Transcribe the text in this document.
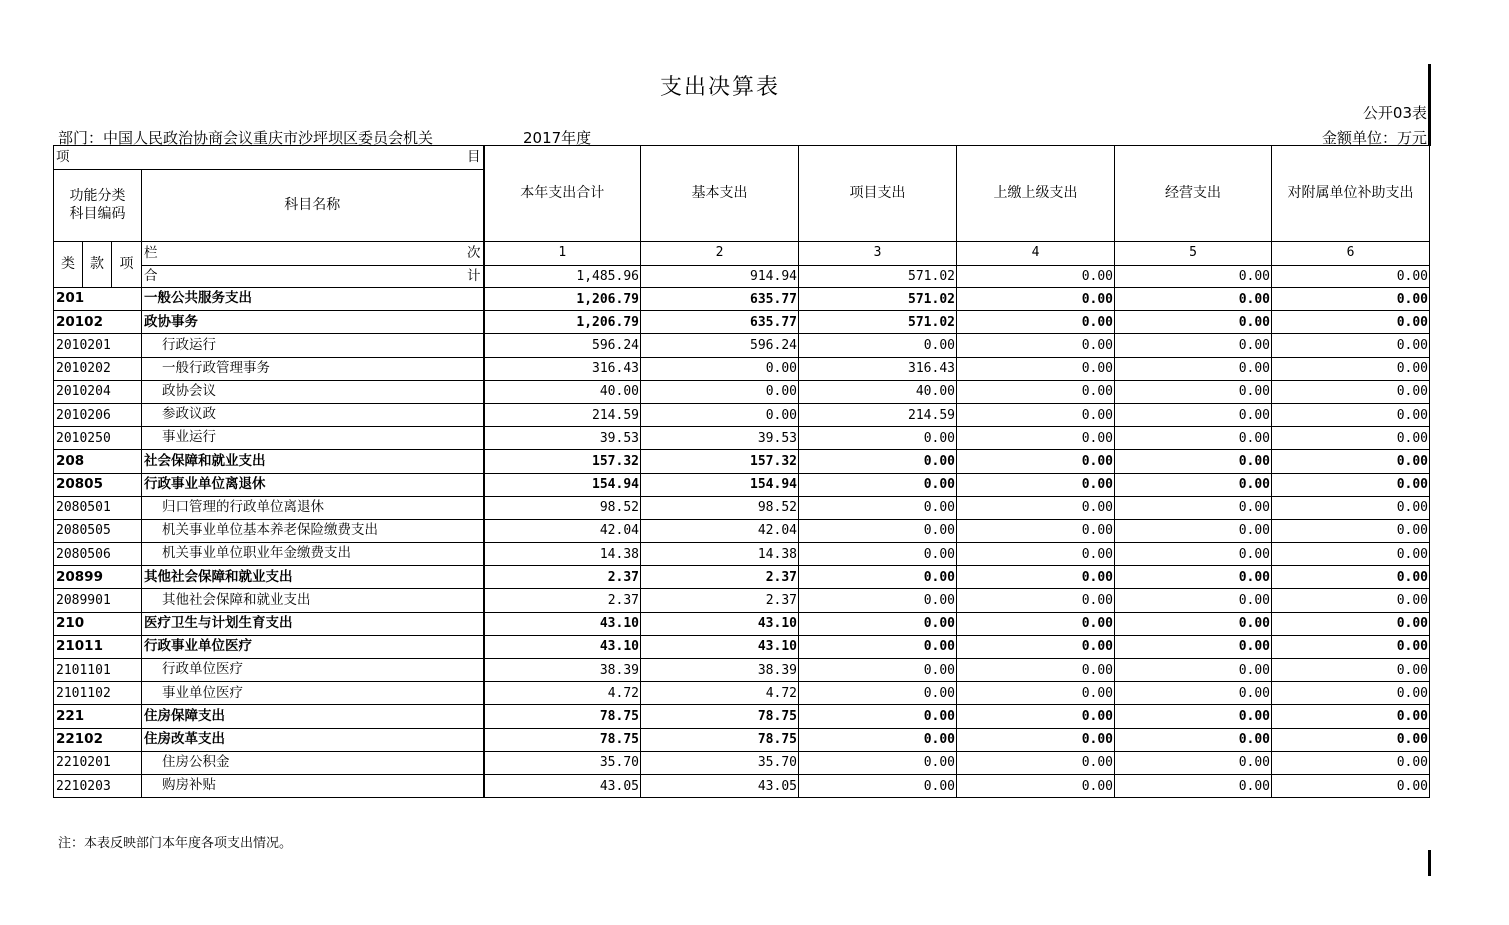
支出决算表
公开03表
部门：中国人民政治协商会议重庆市沙坪坝区委员会机关	2017年度	金额单位：万元
项 目				本年支出合计	基本支出	项目支出	上缴上级支出	经营支出	对附属单位补助支出
功能分类
科目编码			科目名称						

类	款	项	栏 次	1	2	3	4	5	6

			合 计	1,485.96	914.94	571.02	0.00	0.00	0.00
201			一般公共服务支出	1,206.79	635.77	571.02	0.00	0.00	0.00
20102			政协事务	1,206.79	635.77	571.02	0.00	0.00	0.00
2010201			行政运行	596.24	596.24	0.00	0.00	0.00	0.00
2010202			一般行政管理事务	316.43	0.00	316.43	0.00	0.00	0.00
2010204			政协会议	40.00	0.00	40.00	0.00	0.00	0.00
2010206			参政议政	214.59	0.00	214.59	0.00	0.00	0.00
2010250			事业运行	39.53	39.53	0.00	0.00	0.00	0.00
208			社会保障和就业支出	157.32	157.32	0.00	0.00	0.00	0.00
20805			行政事业单位离退休	154.94	154.94	0.00	0.00	0.00	0.00
2080501			归口管理的行政单位离退休	98.52	98.52	0.00	0.00	0.00	0.00
2080505			机关事业单位基本养老保险缴费支出	42.04	42.04	0.00	0.00	0.00	0.00
2080506			机关事业单位职业年金缴费支出	14.38	14.38	0.00	0.00	0.00	0.00
20899			其他社会保障和就业支出	2.37	2.37	0.00	0.00	0.00	0.00
2089901			其他社会保障和就业支出	2.37	2.37	0.00	0.00	0.00	0.00
210			医疗卫生与计划生育支出	43.10	43.10	0.00	0.00	0.00	0.00
21011			行政事业单位医疗	43.10	43.10	0.00	0.00	0.00	0.00
2101101			行政单位医疗	38.39	38.39	0.00	0.00	0.00	0.00
2101102			事业单位医疗	4.72	4.72	0.00	0.00	0.00	0.00
221			住房保障支出	78.75	78.75	0.00	0.00	0.00	0.00
22102			住房改革支出	78.75	78.75	0.00	0.00	0.00	0.00
2210201			住房公积金	35.70	35.70	0.00	0.00	0.00	0.00
2210203			购房补贴	43.05	43.05	0.00	0.00	0.00	0.00
注：本表反映部门本年度各项支出情况。
